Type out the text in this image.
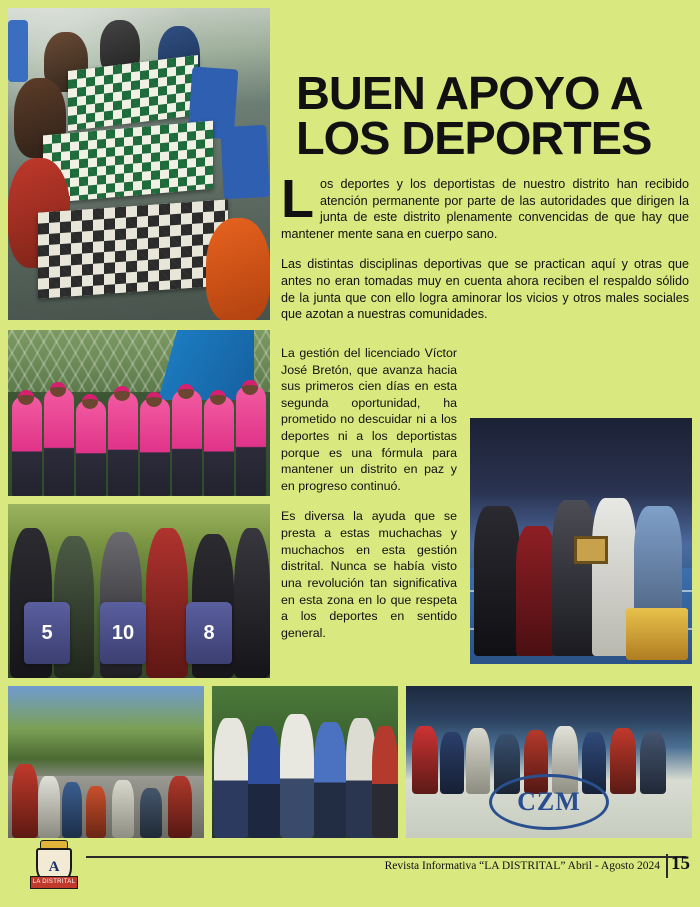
5	10	8
CZM
BUEN APOYO A
LOS DEPORTES

Los deportes y los deportistas de nuestro distrito han recibido atención permanente por parte de las autoridades que dirigen la junta de este distrito plenamente convencidas de que hay que mantener mente sana en cuerpo sano.

Las distintas disciplinas deportivas que se practican aquí y otras que antes no eran tomadas muy en cuenta ahora reciben el respaldo sólido de la junta que con ello logra aminorar los vicios y otros males sociales que azotan a nuestras comunidades.

La gestión del licenciado Víctor José Bretón, que avanza hacia sus primeros cien días en esta segunda oportunidad, ha prometido no descuidar ni a los deportes ni a los deportistas porque es una fórmula para mantener un distrito en paz y en progreso continuó.

Es diversa la ayuda que se presta a estas muchachas y muchachos en esta gestión distrital. Nunca se había visto una revolución tan significativa en esta zona en lo que respeta a los deportes en sentido general.

A
LA DISTRITAL
Revista Informativa “LA DISTRITAL” Abril - Agosto 2024 15
